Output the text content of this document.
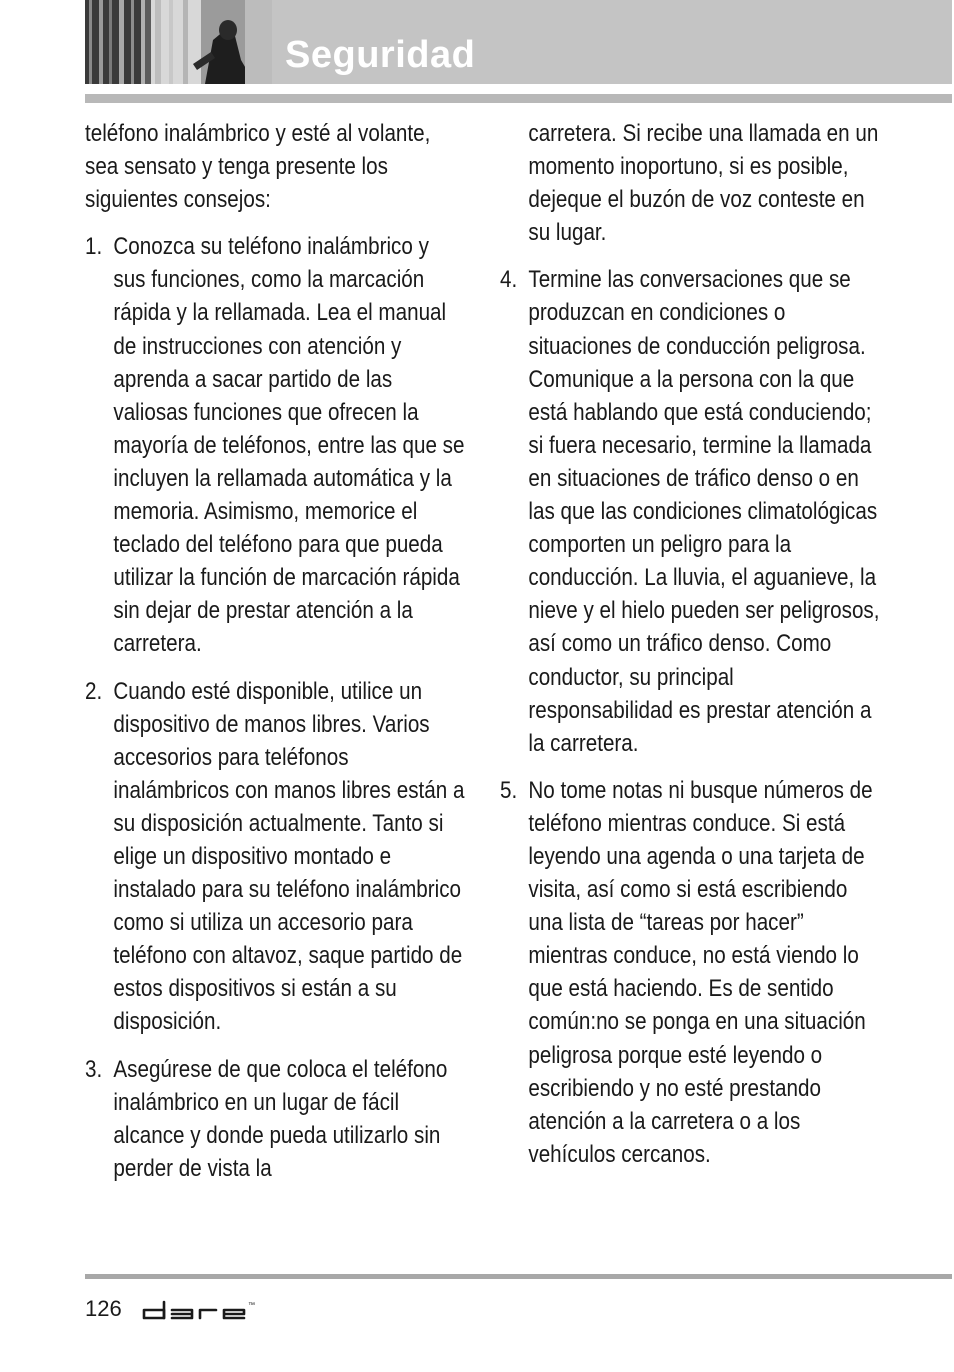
Seguridad

teléfono inalámbrico y esté al volante, sea sensato y tenga presente los siguientes consejos:

1. Conozca su teléfono inalámbrico y sus funciones, como la marcación rápida y la rellamada. Lea el manual de instrucciones con atención y aprenda a sacar partido de las valiosas funciones que ofrecen la mayoría de teléfonos, entre las que se incluyen la rellamada automática y la memoria. Asimismo, memorice el teclado del teléfono para que pueda utilizar la función de marcación rápida sin dejar de prestar atención a la carretera.
2. Cuando esté disponible, utilice un dispositivo de manos libres. Varios accesorios para teléfonos inalámbricos con manos libres están a su disposición actualmente. Tanto si elige un dispositivo montado e instalado para su teléfono inalámbrico como si utiliza un accesorio para teléfono con altavoz, saque partido de estos dispositivos si están a su disposición.
3. Asegúrese de que coloca el teléfono inalámbrico en un lugar de fácil alcance y donde pueda utilizarlo sin perder de vista la

carretera. Si recibe una llamada en un momento inoportuno, si es posible, dejeque el buzón de voz conteste en su lugar.

4. Termine las conversaciones que se produzcan en condiciones o situaciones de conducción peligrosa. Comunique a la persona con la que está hablando que está conduciendo; si fuera necesario, termine la llamada en situaciones de tráfico denso o en las que las condiciones climatológicas comporten un peligro para la conducción. La lluvia, el aguanieve, la nieve y el hielo pueden ser peligrosos, así como un tráfico denso. Como conductor, su principal responsabilidad es prestar atención a la carretera.
5. No tome notas ni busque números de teléfono mientras conduce. Si está leyendo una agenda o una tarjeta de visita, así como si está escribiendo una lista de “tareas por hacer” mientras conduce, no está viendo lo que está haciendo. Es de sentido común:no se ponga en una situación peligrosa porque esté leyendo o escribiendo y no esté prestando atención a la carretera o a los vehículos cercanos.
126	™
